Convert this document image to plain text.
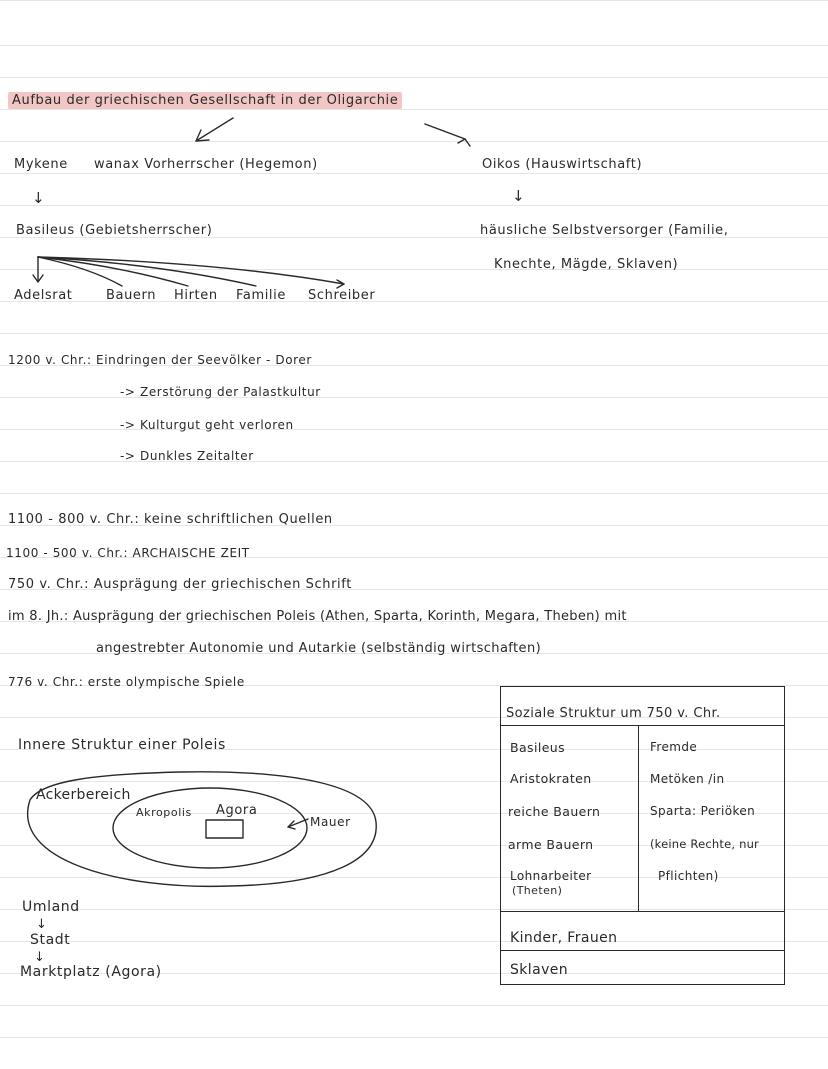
Aufbau der griechischen Gesellschaft in der Oligarchie
Mykene wanax Vorherrscher (Hegemon)
↓
Basileus (Gebietsherrscher)
Adelsrat	Bauern Hirten Familie Schreiber
Oikos (Hauswirtschaft)
↓
häusliche Selbstversorger (Familie,
Knechte, Mägde, Sklaven)
1200 v. Chr.: Eindringen der Seevölker - Dorer
-> Zerstörung der Palastkultur
-> Kulturgut geht verloren
-> Dunkles Zeitalter
1100 - 800 v. Chr.: keine schriftlichen Quellen
1100 - 500 v. Chr.: ARCHAISCHE ZEIT
750 v. Chr.: Ausprägung der griechischen Schrift
im 8. Jh.: Ausprägung der griechischen Poleis (Athen, Sparta, Korinth, Megara, Theben) mit
angestrebter Autonomie und Autarkie (selbständig wirtschaften)
776 v. Chr.: erste olympische Spiele
Innere Struktur einer Poleis
Ackerbereich
Akropolis Agora
Mauer
Umland
↓
Stadt
↓
Marktplatz (Agora)
Soziale Struktur um 750 v. Chr.
Basileus
Aristokraten
reiche Bauern
arme Bauern
Lohnarbeiter
(Theten)
Fremde
Metöken /in
Sparta: Periöken
(keine Rechte, nur
Pflichten)
Kinder, Frauen
Sklaven
